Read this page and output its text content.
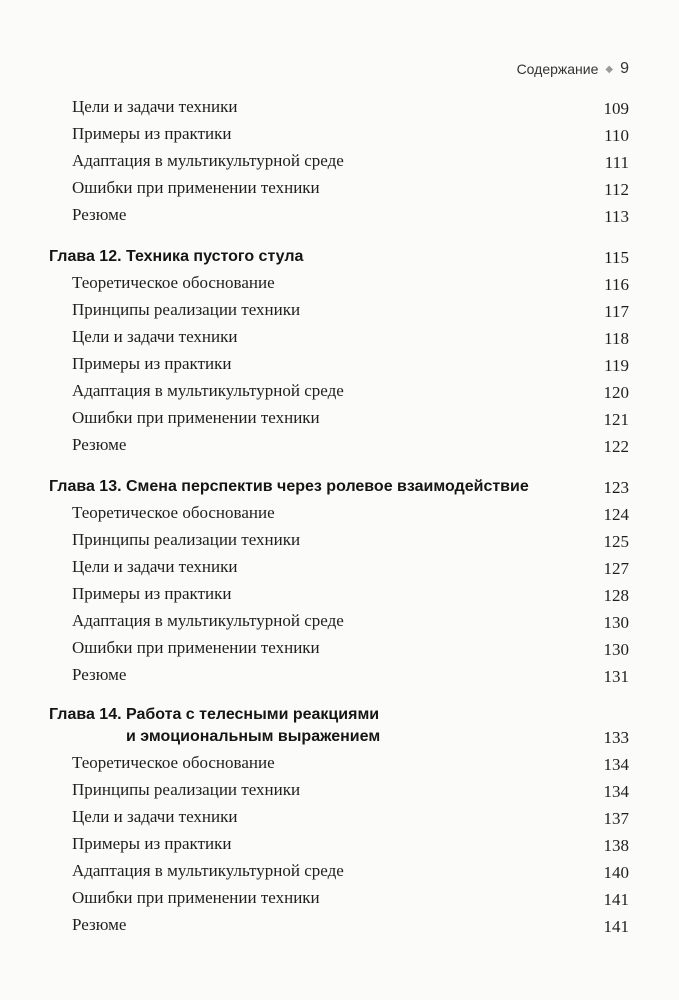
Содержание ◆ 9
Цели и задачи техники	109
Примеры из практики	110
Адаптация в мультикультурной среде	111
Ошибки при применении техники	112
Резюме	113
Глава 12. Техника пустого стула	115
Теоретическое обоснование	116
Принципы реализации техники	117
Цели и задачи техники	118
Примеры из практики	119
Адаптация в мультикультурной среде	120
Ошибки при применении техники	121
Резюме	122
Глава 13. Смена перспектив через ролевое взаимодействие	123
Теоретическое обоснование	124
Принципы реализации техники	125
Цели и задачи техники	127
Примеры из практики	128
Адаптация в мультикультурной среде	130
Ошибки при применении техники	130
Резюме	131
Глава 14. Работа с телесными реакциями
и эмоциональным выражением	133
Теоретическое обоснование	134
Принципы реализации техники	134
Цели и задачи техники	137
Примеры из практики	138
Адаптация в мультикультурной среде	140
Ошибки при применении техники	141
Резюме	141
